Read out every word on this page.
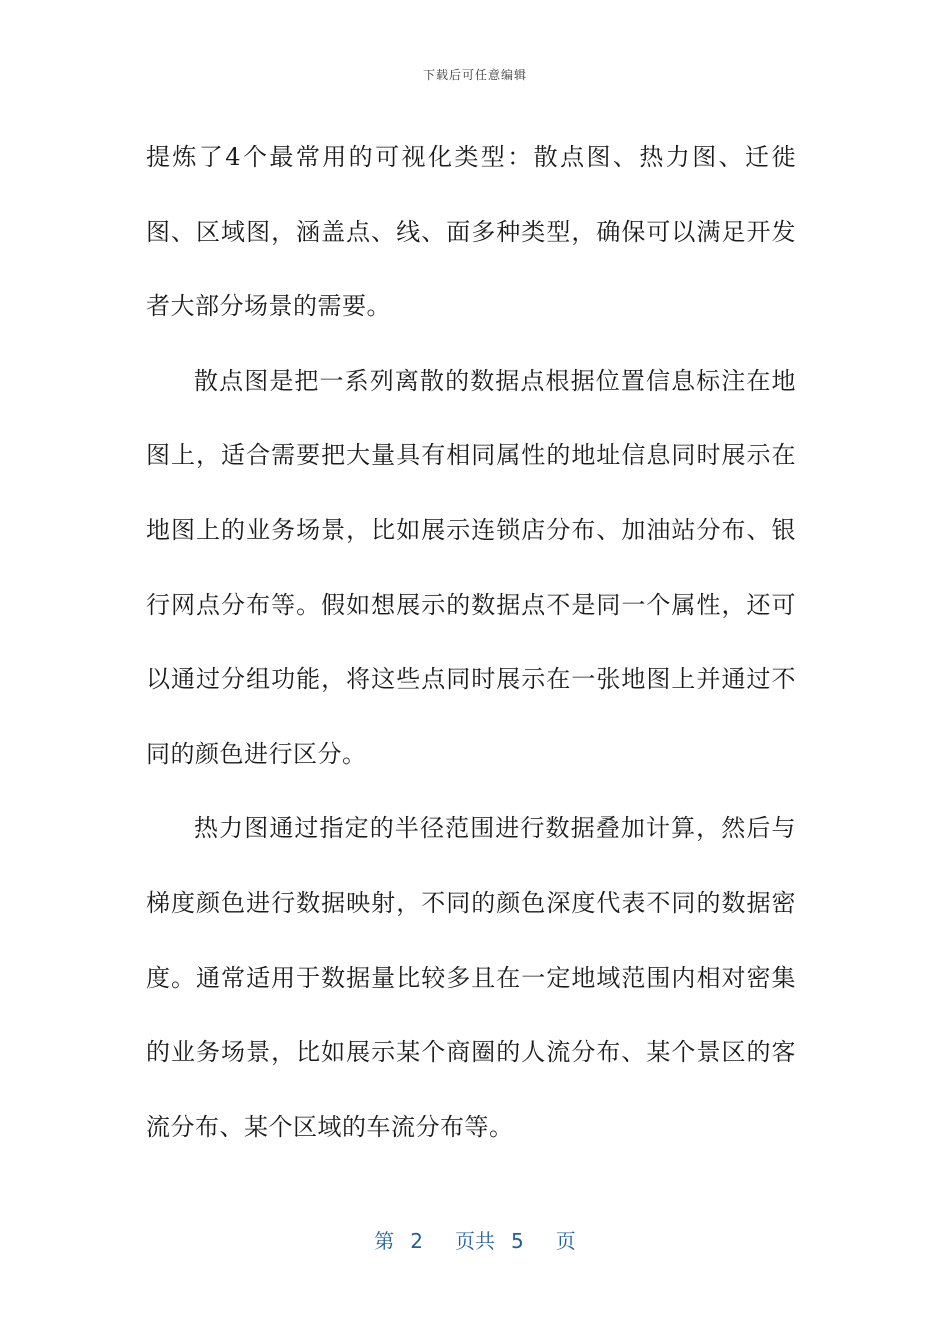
下载后可任意编辑

提炼了4个最常用的可视化类型：散点图、热力图、迁徙图、区域图，涵盖点、线、面多种类型，确保可以满足开发者大部分场景的需要。

散点图是把一系列离散的数据点根据位置信息标注在地图上，适合需要把大量具有相同属性的地址信息同时展示在地图上的业务场景，比如展示连锁店分布、加油站分布、银行网点分布等。假如想展示的数据点不是同一个属性，还可以通过分组功能，将这些点同时展示在一张地图上并通过不同的颜色进行区分。

热力图通过指定的半径范围进行数据叠加计算，然后与梯度颜色进行数据映射，不同的颜色深度代表不同的数据密度。通常适用于数据量比较多且在一定地域范围内相对密集的业务场景，比如展示某个商圈的人流分布、某个景区的客流分布、某个区域的车流分布等。

第 2 页共 5 页
